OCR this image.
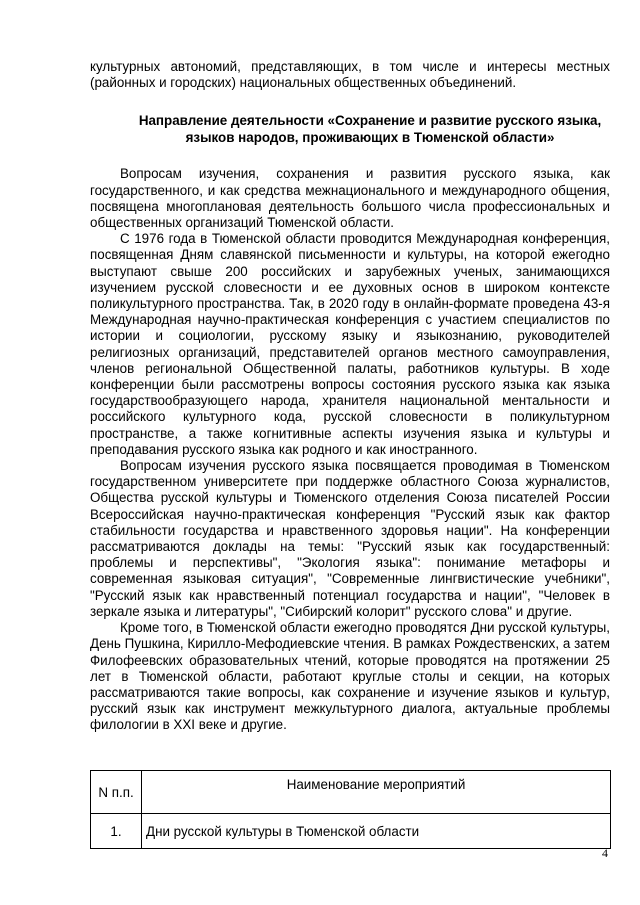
культурных автономий, представляющих, в том числе и интересы местных (районных и городских) национальных общественных объединений.

Направление деятельности «Сохранение и развитие русского языка, языков народов, проживающих в Тюменской области»

Вопросам изучения, сохранения и развития русского языка, как государственного, и как средства межнационального и международного общения, посвящена многоплановая деятельность большого числа профессиональных и общественных организаций Тюменской области.

С 1976 года в Тюменской области проводится Международная конференция, посвященная Дням славянской письменности и культуры, на которой ежегодно выступают свыше 200 российских и зарубежных ученых, занимающихся изучением русской словесности и ее духовных основ в широком контексте поликультурного пространства. Так, в 2020 году в онлайн-формате проведена 43-я Международная научно-практическая конференция с участием специалистов по истории и социологии, русскому языку и языкознанию, руководителей религиозных организаций, представителей органов местного самоуправления, членов региональной Общественной палаты, работников культуры. В ходе конференции были рассмотрены вопросы состояния русского языка как языка государствообразующего народа, хранителя национальной ментальности и российского культурного кода, русской словесности в поликультурном пространстве, а также когнитивные аспекты изучения языка и культуры и преподавания русского языка как родного и как иностранного.

Вопросам изучения русского языка посвящается проводимая в Тюменском государственном университете при поддержке областного Союза журналистов, Общества русской культуры и Тюменского отделения Союза писателей России Всероссийская научно-практическая конференция "Русский язык как фактор стабильности государства и нравственного здоровья нации". На конференции рассматриваются доклады на темы: "Русский язык как государственный: проблемы и перспективы", "Экология языка": понимание метафоры и современная языковая ситуация", "Современные лингвистические учебники", "Русский язык как нравственный потенциал государства и нации", "Человек в зеркале языка и литературы", "Сибирский колорит" русского слова" и другие.

Кроме того, в Тюменской области ежегодно проводятся Дни русской культуры, День Пушкина, Кирилло-Мефодиевские чтения. В рамках Рождественских, а затем Филофеевских образовательных чтений, которые проводятся на протяжении 25 лет в Тюменской области, работают круглые столы и секции, на которых рассматриваются такие вопросы, как сохранение и изучение языков и культур, русский язык как инструмент межкультурного диалога, актуальные проблемы филологии в XXI веке и другие.

N п.п.	Наименование мероприятий
1.	Дни русской культуры в Тюменской области
4
